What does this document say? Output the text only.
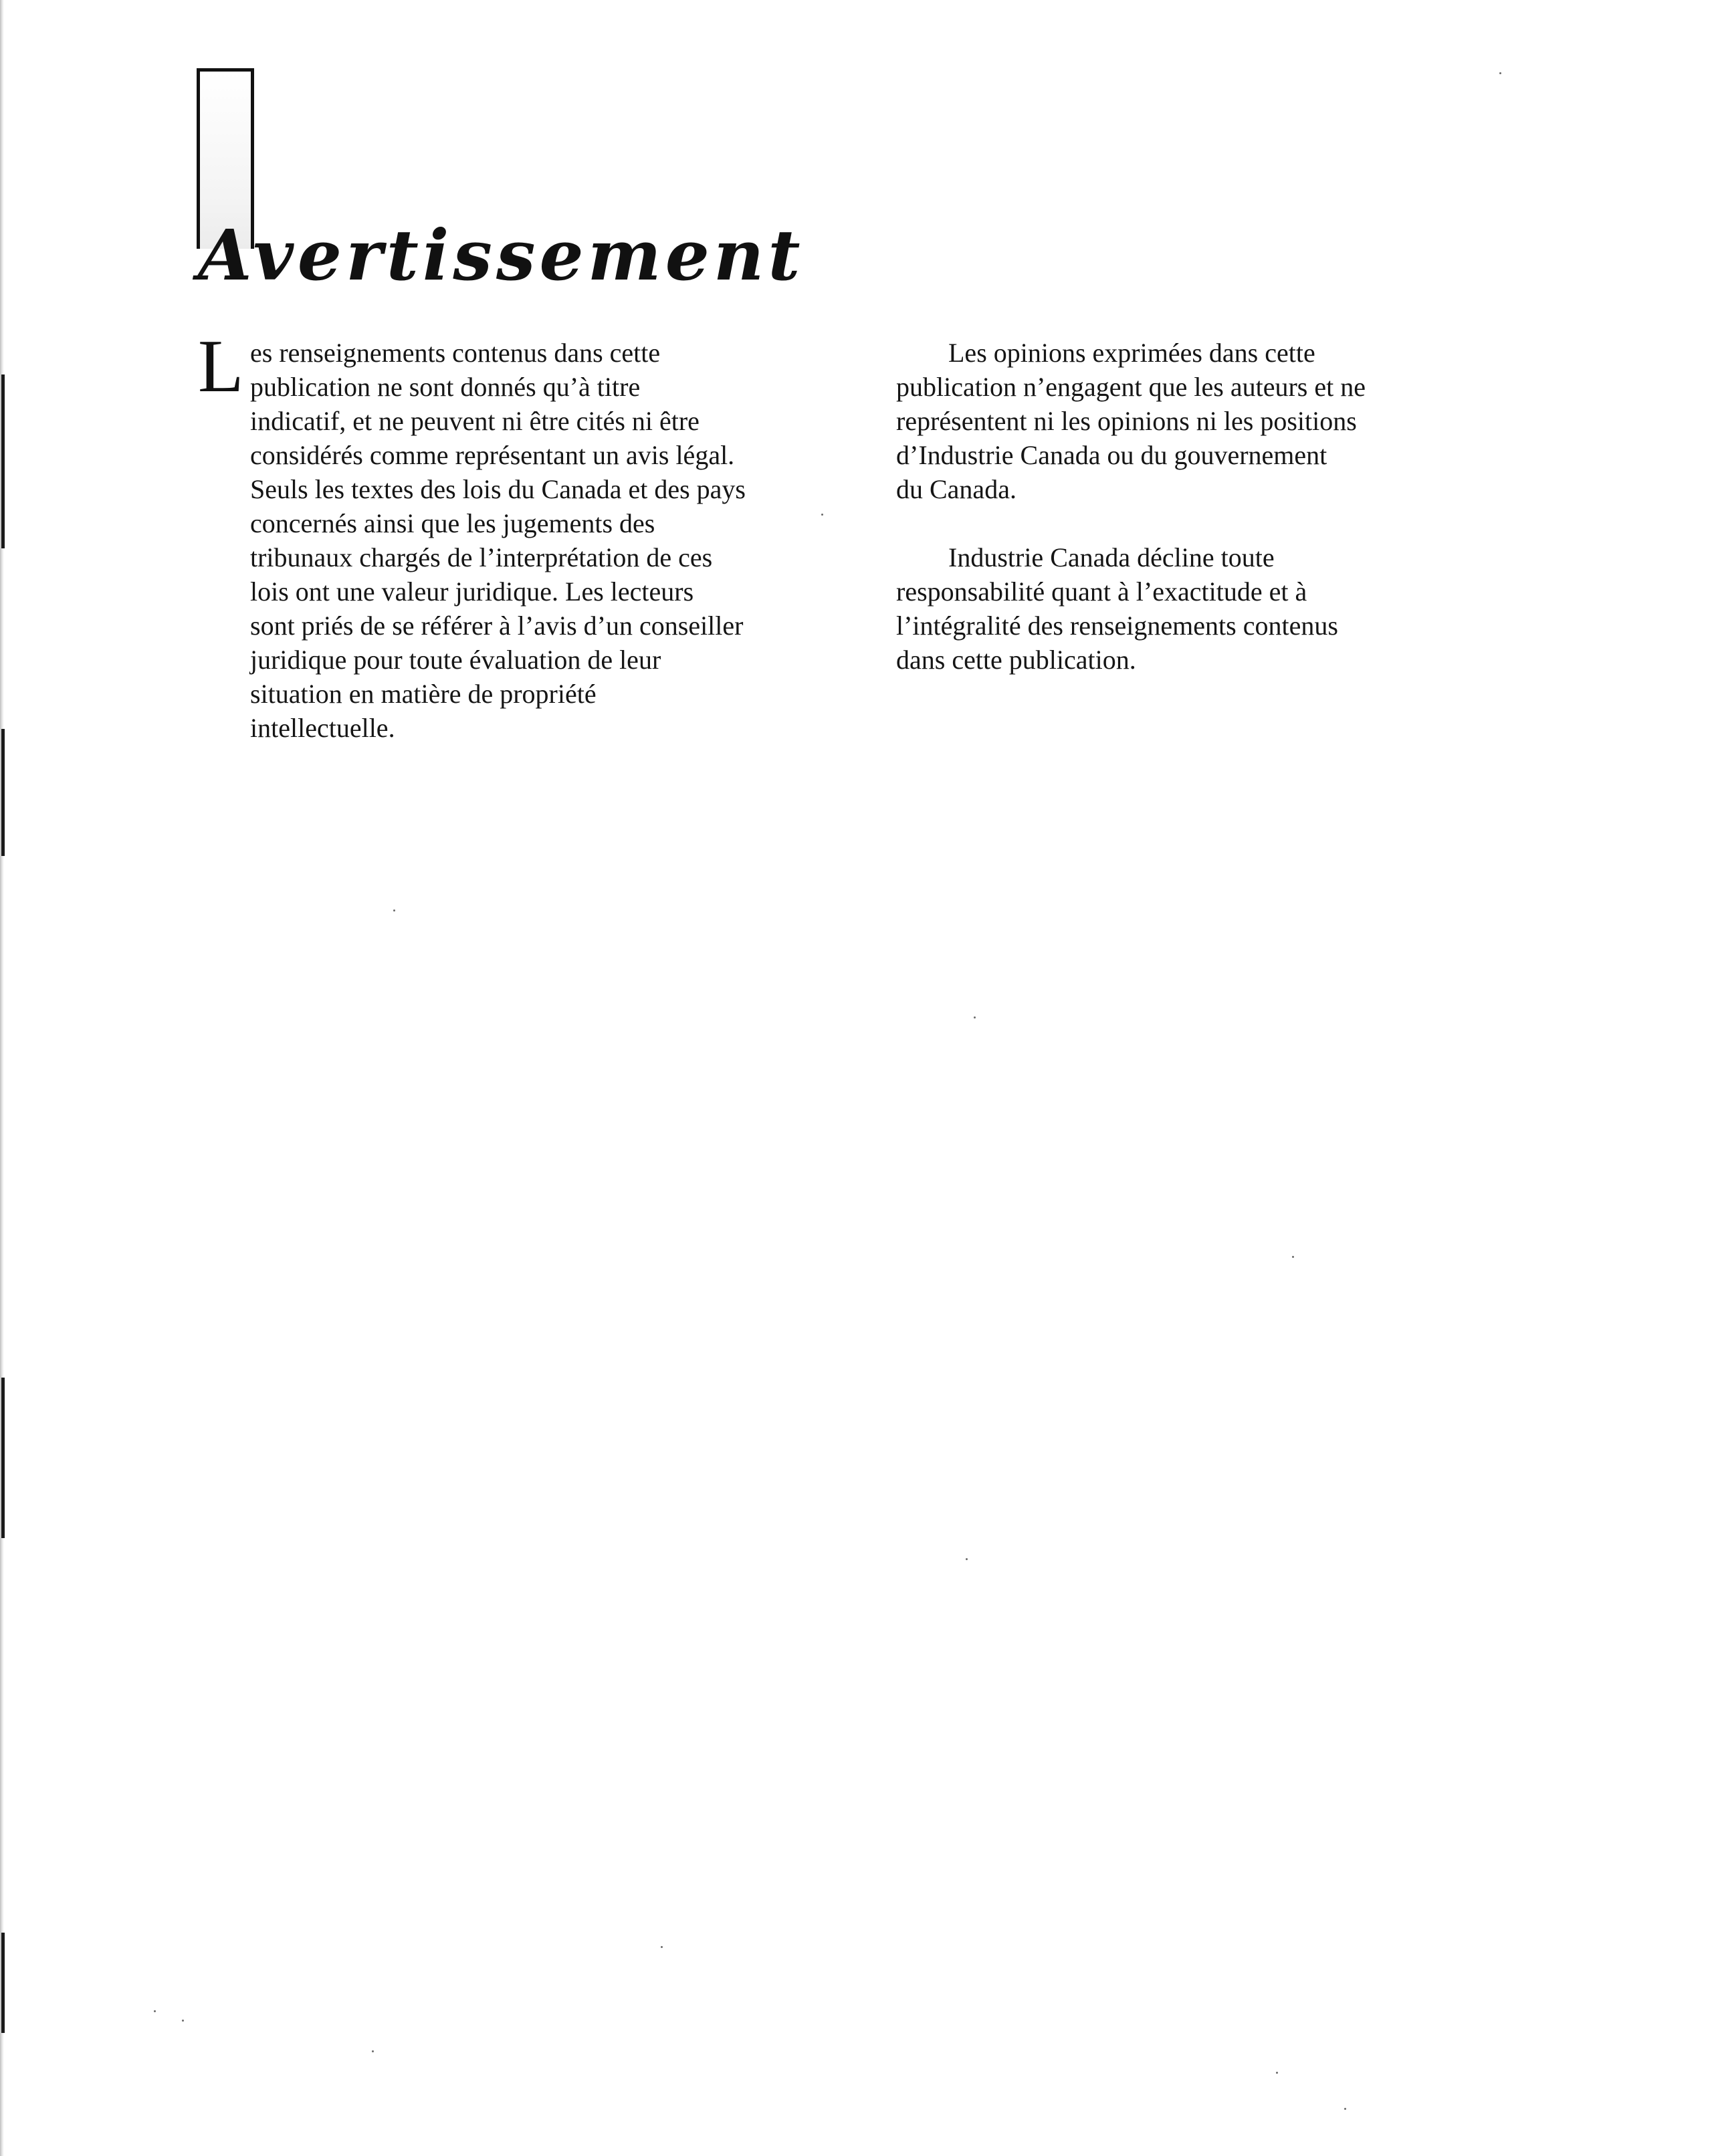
Avertissement
L es renseignements contenus dans cette
publication ne sont donnés qu’à titre
indicatif, et ne peuvent ni être cités ni être
considérés comme représentant un avis légal.
Seuls les textes des lois du Canada et des pays
concernés ainsi que les jugements des
tribunaux chargés de l’interprétation de ces
lois ont une valeur juridique. Les lecteurs
sont priés de se référer à l’avis d’un conseiller
juridique pour toute évaluation de leur
situation en matière de propriété
intellectuelle.
Les opinions exprimées dans cette
publication n’engagent que les auteurs et ne
représentent ni les opinions ni les positions
d’Industrie Canada ou du gouvernement
du Canada.
Industrie Canada décline toute
responsabilité quant à l’exactitude et à
l’intégralité des renseignements contenus
dans cette publication.
